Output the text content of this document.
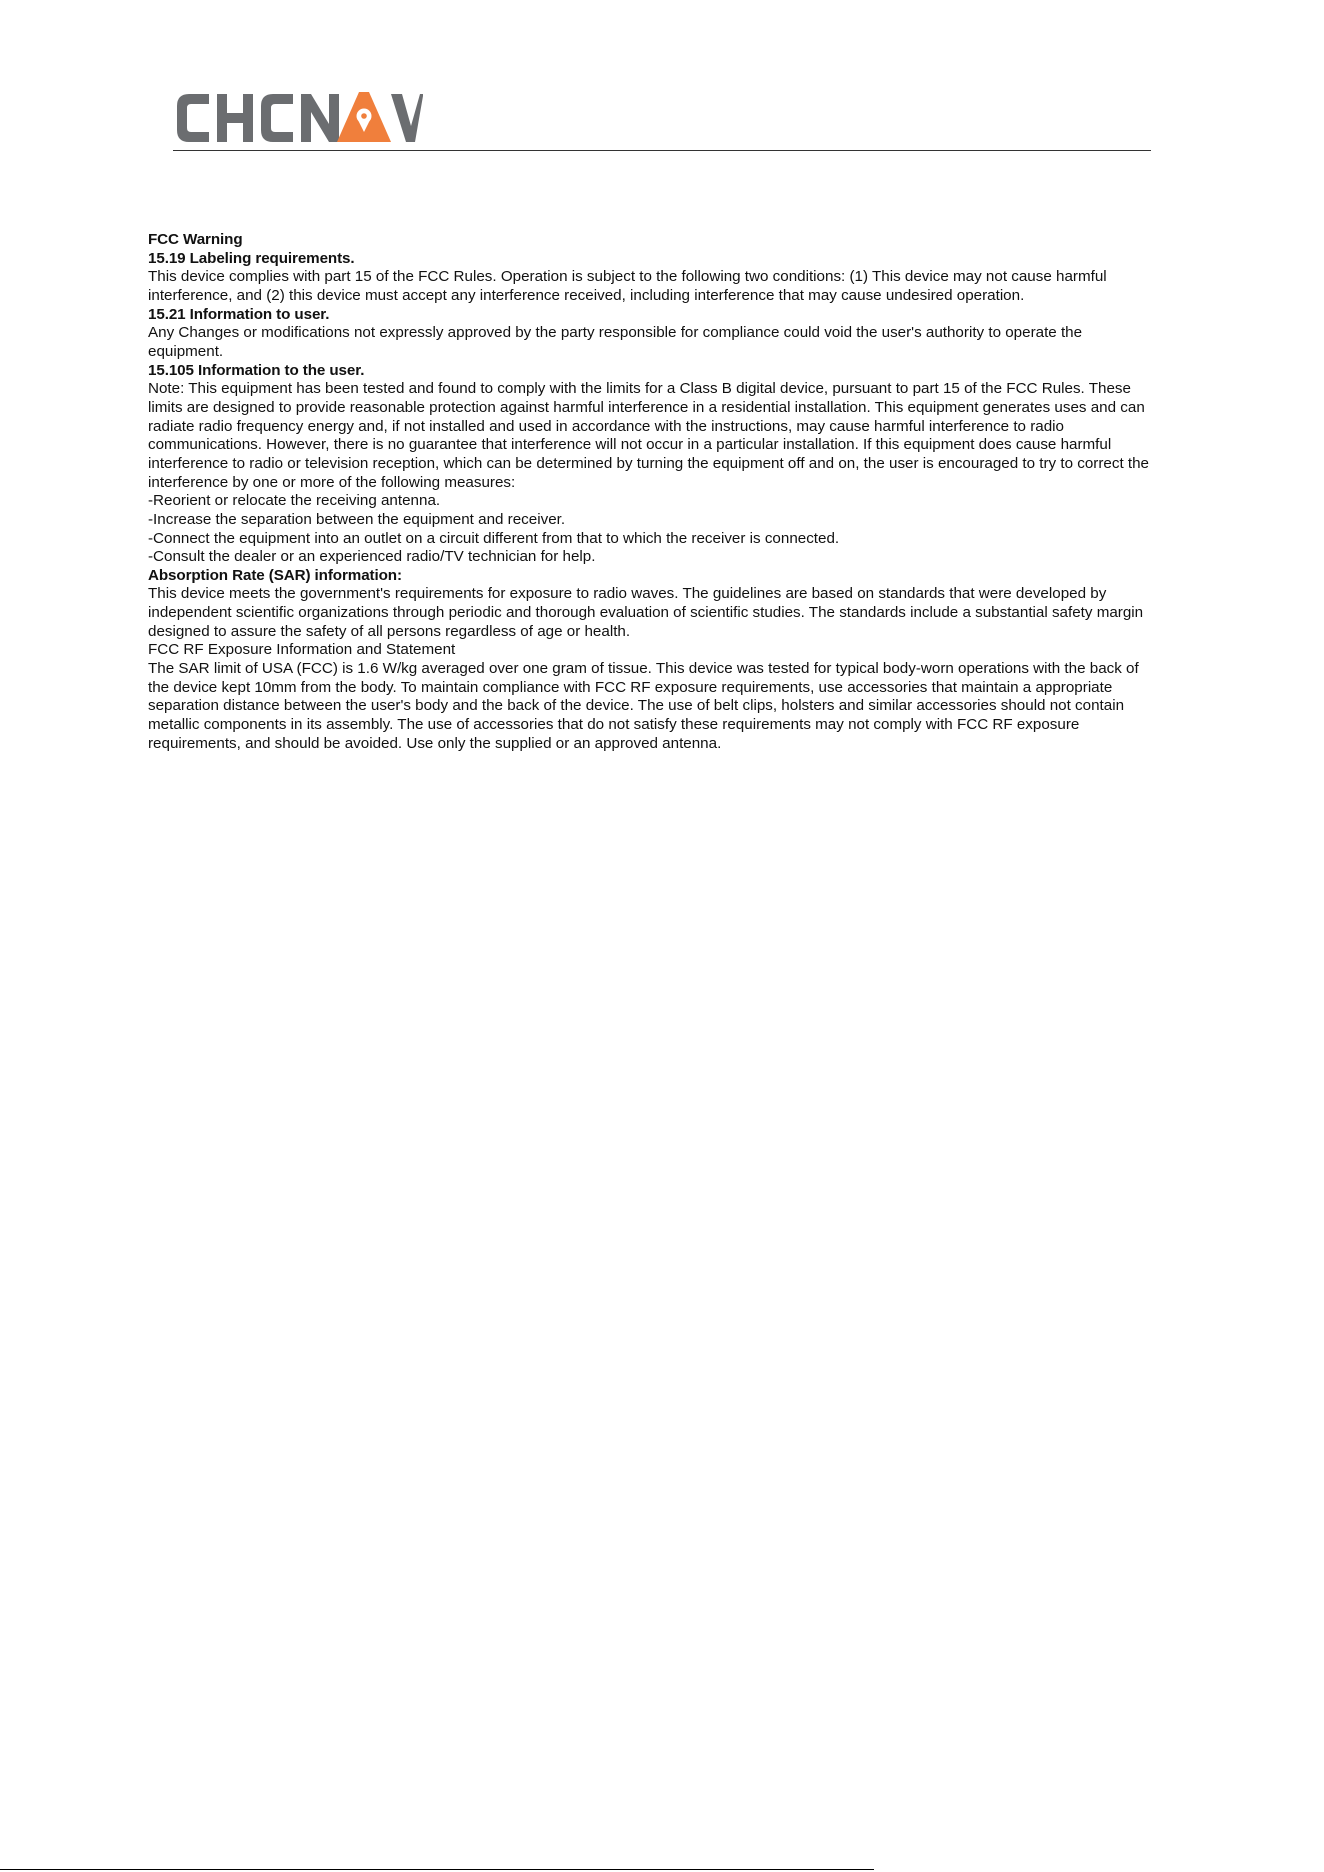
FCC Warning

15.19 Labeling requirements.

This device complies with part 15 of the FCC Rules. Operation is subject to the following two conditions: (1) This device may not cause harmful interference, and (2) this device must accept any interference received, including interference that may cause undesired operation.

15.21 Information to user.

Any Changes or modifications not expressly approved by the party responsible for compliance could void the user's authority to operate the equipment.

15.105 Information to the user.

Note: This equipment has been tested and found to comply with the limits for a Class B digital device, pursuant to part 15 of the FCC Rules. These limits are designed to provide reasonable protection against harmful interference in a residential installation. This equipment generates uses and can radiate radio frequency energy and, if not installed and used in accordance with the instructions, may cause harmful interference to radio communications. However, there is no guarantee that interference will not occur in a particular installation. If this equipment does cause harmful interference to radio or television reception, which can be determined by turning the equipment off and on, the user is encouraged to try to correct the interference by one or more of the following measures:

-Reorient or relocate the receiving antenna.

-Increase the separation between the equipment and receiver.

-Connect the equipment into an outlet on a circuit different from that to which the receiver is connected.

-Consult the dealer or an experienced radio/TV technician for help.

Absorption Rate (SAR) information:

This device meets the government's requirements for exposure to radio waves. The guidelines are based on standards that were developed by independent scientific organizations through periodic and thorough evaluation of scientific studies. The standards include a substantial safety margin designed to assure the safety of all persons regardless of age or health.

FCC RF Exposure Information and Statement

The SAR limit of USA (FCC) is 1.6 W/kg averaged over one gram of tissue. This device was tested for typical body-worn operations with the back of the device kept 10mm from the body. To maintain compliance with FCC RF exposure requirements, use accessories that maintain a appropriate separation distance between the user's body and the back of the device. The use of belt clips, holsters and similar accessories should not contain metallic components in its assembly. The use of accessories that do not satisfy these requirements may not comply with FCC RF exposure requirements, and should be avoided. Use only the supplied or an approved antenna.
